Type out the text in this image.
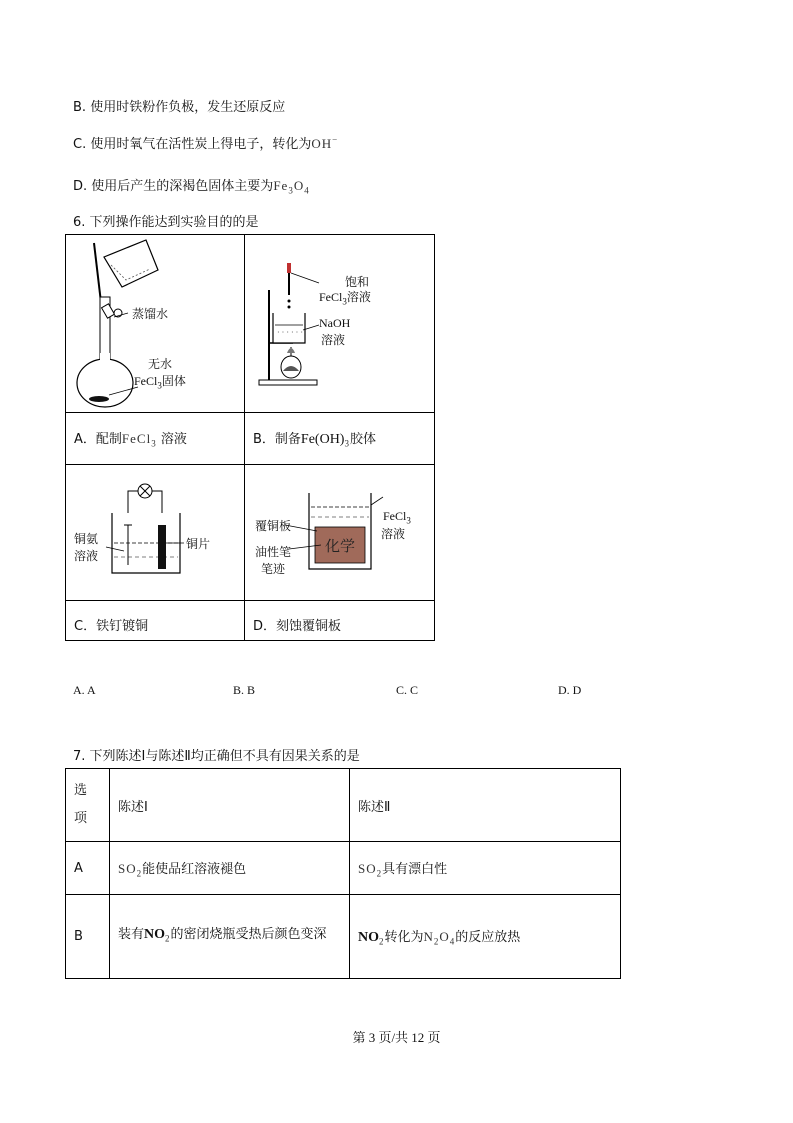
B. 使用时铁粉作负极，发生还原反应
C. 使用时氧气在活性炭上得电子，转化为OH−
D. 使用后产生的深褐色固体主要为$Fe_3O_4$
6. 下列操作能达到实验目的的是
蒸馏水
无水
FeCl$_3$固体
· · · · · ·
饱和
FeCl$_3$溶液
NaOH
溶液
A．配制FeCl$_3$ 溶液	B．制备$Fe(OH)_3$胶体
铜氨
溶液
铜片	化学
覆铜板
油性笔
笔迹
FeCl$_3$
溶液
C．铁钉镀铜	D．刻蚀覆铜板
A. A	B. B	C. C	D. D
7. 下列陈述Ⅰ与陈述Ⅱ均正确但不具有因果关系的是
选项	陈述Ⅰ	陈述Ⅱ
A	$SO_2$能使品红溶液褪色	$SO_2$具有漂白性
B	装有$NO_2$的密闭烧瓶受热后颜色变深	$NO_2$转化为$N_2O_4$的反应放热
第 3 页/共 12 页
